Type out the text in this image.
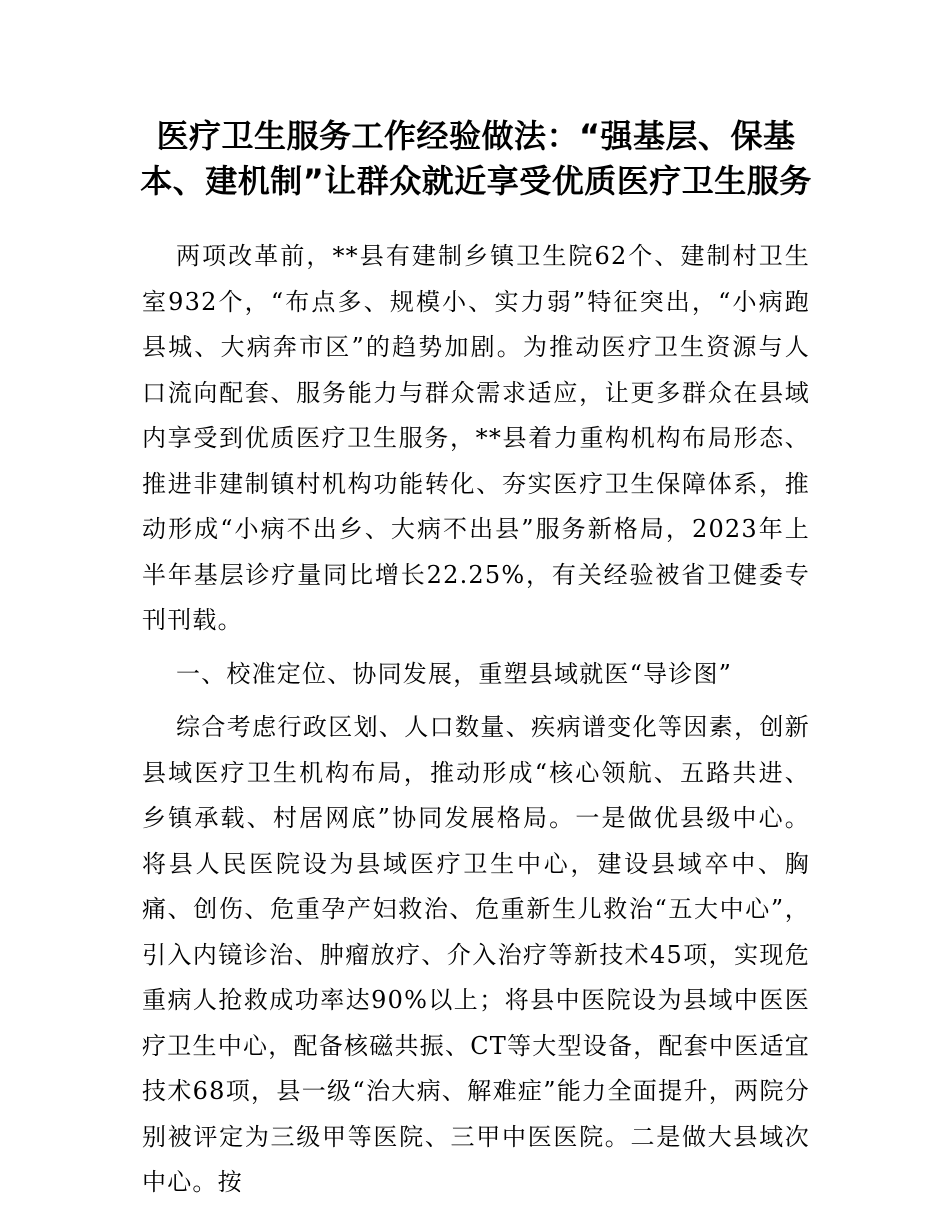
医疗卫生服务工作经验做法：“强基层、保基本、建机制”让群众就近享受优质医疗卫生服务

两项改革前，**县有建制乡镇卫生院62个、建制村卫生室932个，“布点多、规模小、实力弱”特征突出，“小病跑县城、大病奔市区”的趋势加剧。为推动医疗卫生资源与人口流向配套、服务能力与群众需求适应，让更多群众在县域内享受到优质医疗卫生服务，**县着力重构机构布局形态、推进非建制镇村机构功能转化、夯实医疗卫生保障体系，推动形成“小病不出乡、大病不出县”服务新格局，2023年上半年基层诊疗量同比增长22.25%，有关经验被省卫健委专刊刊载。

一、校准定位、协同发展，重塑县域就医“导诊图”

综合考虑行政区划、人口数量、疾病谱变化等因素，创新县域医疗卫生机构布局，推动形成“核心领航、五路共进、乡镇承载、村居网底”协同发展格局。一是做优县级中心。将县人民医院设为县域医疗卫生中心，建设县域卒中、胸痛、创伤、危重孕产妇救治、危重新生儿救治“五大中心”，引入内镜诊治、肿瘤放疗、介入治疗等新技术45项，实现危重病人抢救成功率达90%以上；将县中医院设为县域中医医疗卫生中心，配备核磁共振、CT等大型设备，配套中医适宜技术68项，县一级“治大病、解难症”能力全面提升，两院分别被评定为三级甲等医院、三甲中医医院。二是做大县域次中心。按
